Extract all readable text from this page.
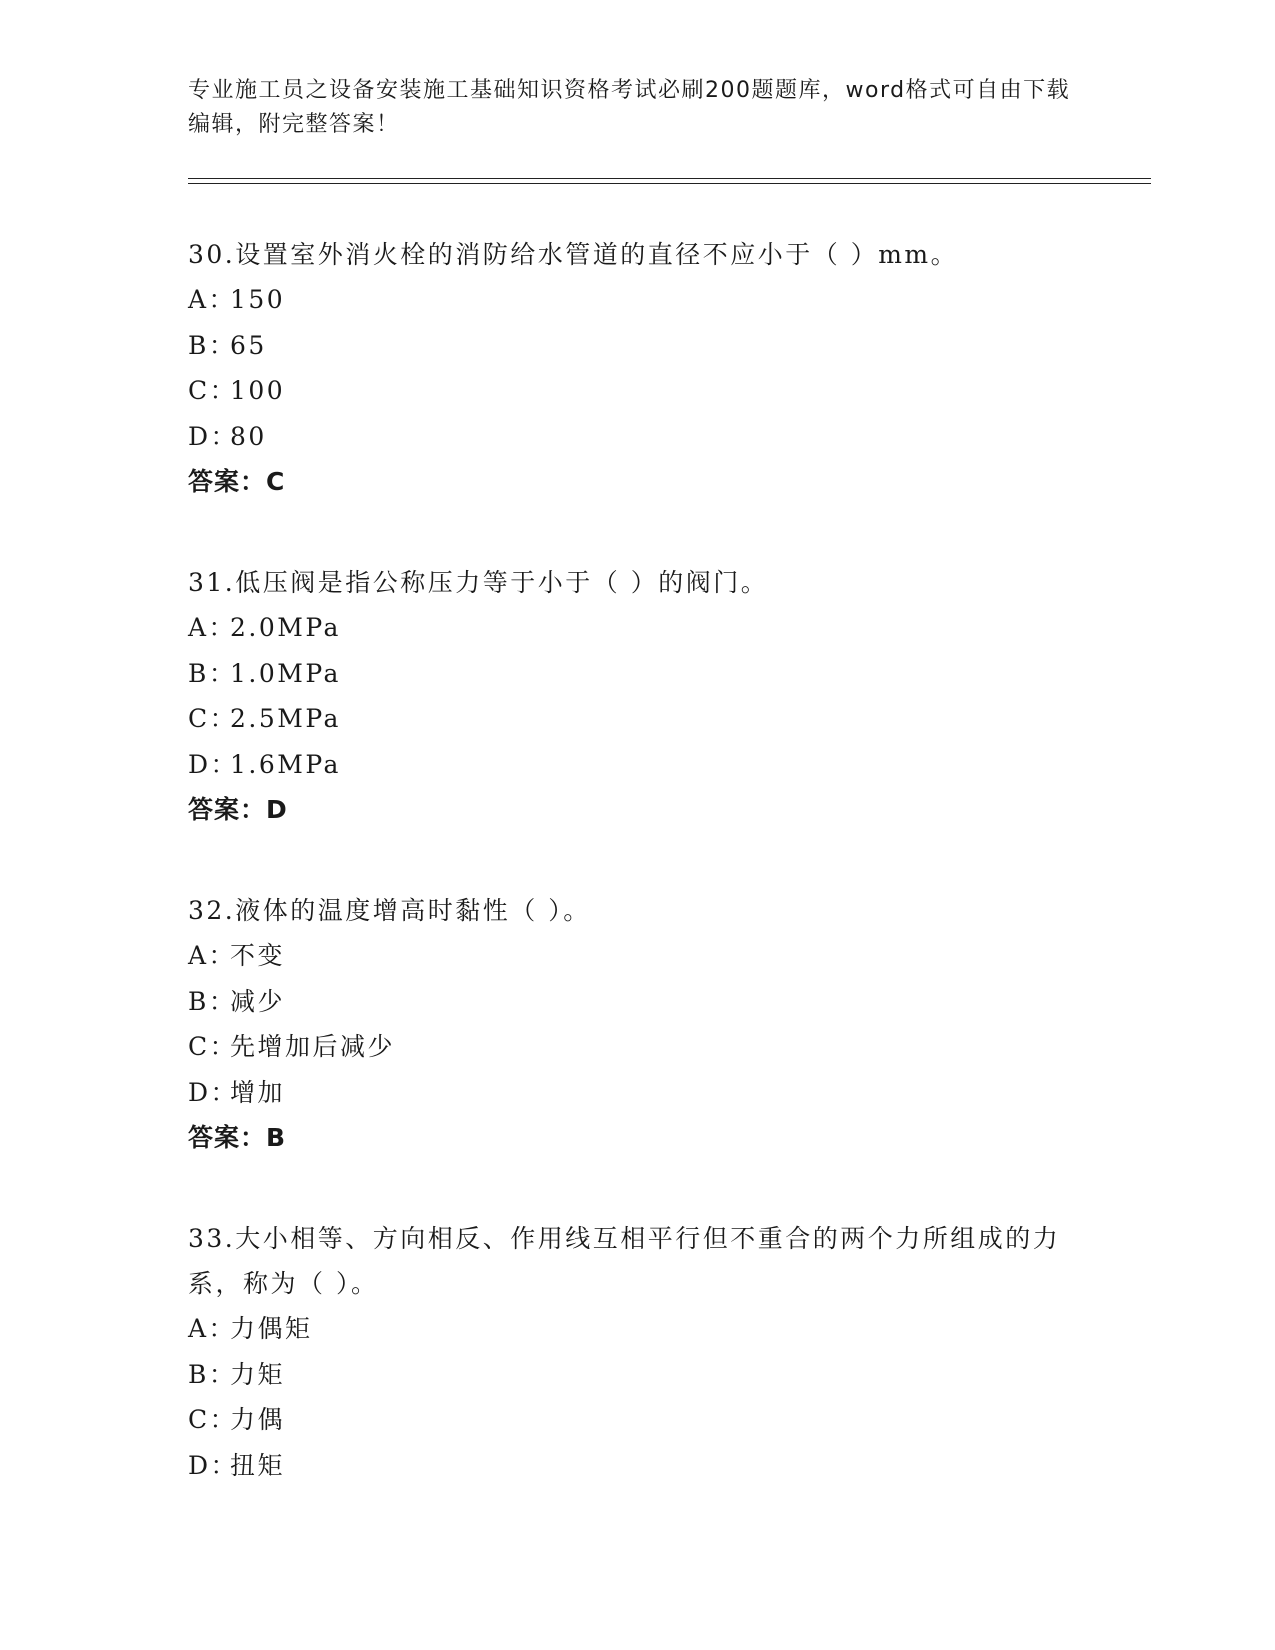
专业施工员之设备安装施工基础知识资格考试必刷200题题库，word格式可自由下载编辑，附完整答案！
30.设置室外消火栓的消防给水管道的直径不应小于（ ）mm。
A：150
B：65
C：100
D：80
答案：C
31.低压阀是指公称压力等于小于（ ）的阀门。
A：2.0MPa
B：1.0MPa
C：2.5MPa
D：1.6MPa
答案：D
32.液体的温度增高时黏性（ ）。
A：不变
B：减少
C：先增加后减少
D：增加
答案：B
33.大小相等、方向相反、作用线互相平行但不重合的两个力所组成的力系，称为（ ）。
A：力偶矩
B：力矩
C：力偶
D：扭矩
